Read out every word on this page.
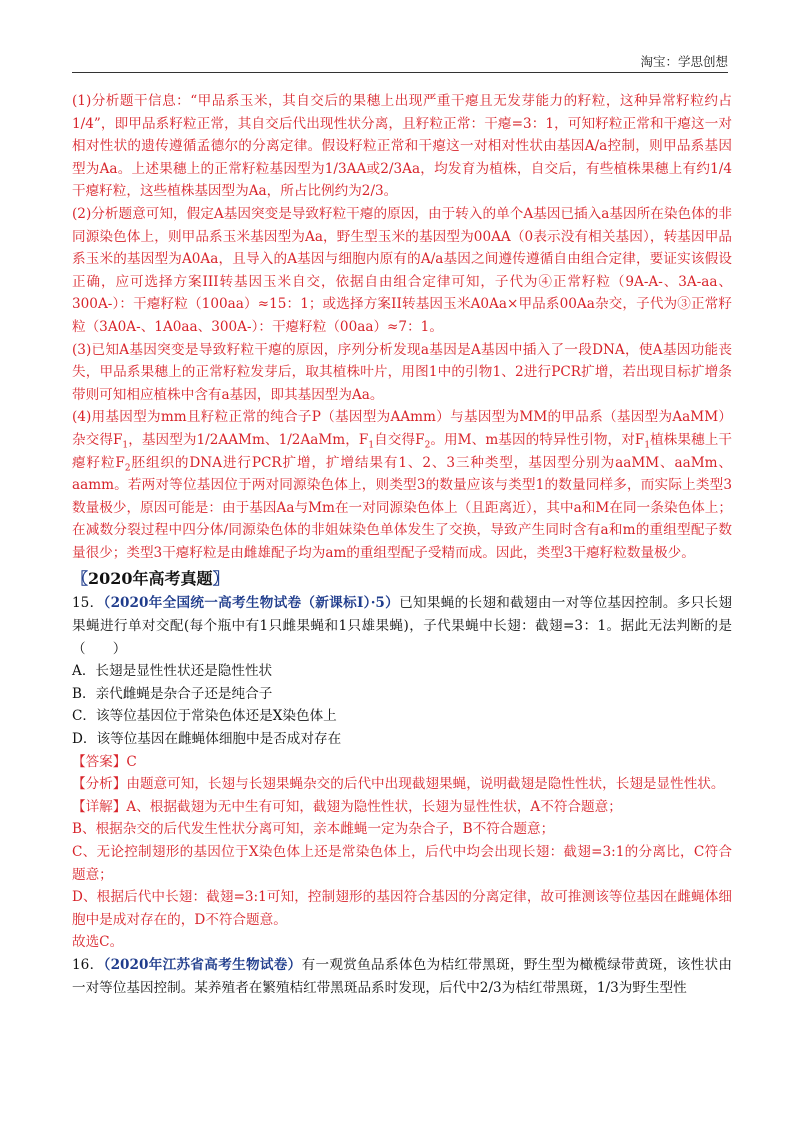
淘宝：学思创想

(1)分析题干信息：“甲品系玉米，其自交后的果穗上出现严重干瘪且无发芽能力的籽粒，这种异常籽粒约占1/4”，即甲品系籽粒正常，其自交后代出现性状分离，且籽粒正常：干瘪=3：1，可知籽粒正常和干瘪这一对相对性状的遗传遵循孟德尔的分离定律。假设籽粒正常和干瘪这一对相对性状由基因A/a控制，则甲品系基因型为Aa。上述果穗上的正常籽粒基因型为1/3AA或2/3Aa，均发育为植株，自交后，有些植株果穗上有约1/4干瘪籽粒，这些植株基因型为Aa，所占比例约为2/3。

(2)分析题意可知，假定A基因突变是导致籽粒干瘪的原因，由于转入的单个A基因已插入a基因所在染色体的非同源染色体上，则甲品系玉米基因型为Aa，野生型玉米的基因型为00AA（0表示没有相关基因），转基因甲品系玉米的基因型为A0Aa，且导入的A基因与细胞内原有的A/a基因之间遵传遵循自由组合定律，要证实该假设正确，应可选择方案III转基因玉米自交，依据自由组合定律可知，子代为④正常籽粒（9A-A-、3A-aa、300A-）：干瘪籽粒（100aa）≈15：1；或选择方案II转基因玉米A0Aa×甲品系00Aa杂交，子代为③正常籽粒（3A0A-、1A0aa、300A-）：干瘪籽粒（00aa）≈7：1。

(3)已知A基因突变是导致籽粒干瘪的原因，序列分析发现a基因是A基因中插入了一段DNA，使A基因功能丧失，甲品系果穗上的正常籽粒发芽后，取其植株叶片，用图1中的引物1、2进行PCR扩增，若出现目标扩增条带则可知相应植株中含有a基因，即其基因型为Aa。

(4)用基因型为mm且籽粒正常的纯合子P（基因型为AAmm）与基因型为MM的甲品系（基因型为AaMM）杂交得$F_1$，基因型为1/2AAMm、1/2AaMm，$F_1$自交得$F_2$。用M、m基因的特异性引物，对$F_1$植株果穗上干瘪籽粒$F_2$胚组织的DNA进行PCR扩增，扩增结果有1、2、3三种类型，基因型分别为aaMM、aaMm、aamm。若两对等位基因位于两对同源染色体上，则类型3的数量应该与类型1的数量同样多，而实际上类型3数量极少，原因可能是：由于基因Aa与Mm在一对同源染色体上（且距离近），其中a和M在同一条染色体上；在减数分裂过程中四分体/同源染色体的非姐妹染色单体发生了交换，导致产生同时含有a和m的重组型配子数量很少；类型3干瘪籽粒是由雌雄配子均为am的重组型配子受精而成。因此，类型3干瘪籽粒数量极少。

〖2020年高考真题〗

15．（2020年全国统一高考生物试卷（新课标Ⅰ）·5）已知果蝇的长翅和截翅由一对等位基因控制。多只长翅果蝇进行单对交配(每个瓶中有1只雌果蝇和1只雄果蝇)，子代果蝇中长翅：截翅=3：1。据此无法判断的是（　　）

A．长翅是显性性状还是隐性性状

B．亲代雌蝇是杂合子还是纯合子

C．该等位基因位于常染色体还是X染色体上

D．该等位基因在雌蝇体细胞中是否成对存在

【答案】C

【分析】由题意可知，长翅与长翅果蝇杂交的后代中出现截翅果蝇，说明截翅是隐性性状，长翅是显性性状。

【详解】A、根据截翅为无中生有可知，截翅为隐性性状，长翅为显性性状，A不符合题意；

B、根据杂交的后代发生性状分离可知，亲本雌蝇一定为杂合子，B不符合题意；

C、无论控制翅形的基因位于X染色体上还是常染色体上，后代中均会出现长翅：截翅=3:1的分离比，C符合题意；

D、根据后代中长翅：截翅=3:1可知，控制翅形的基因符合基因的分离定律，故可推测该等位基因在雌蝇体细胞中是成对存在的，D不符合题意。

故选C。

16．（2020年江苏省高考生物试卷）有一观赏鱼品系体色为桔红带黑斑，野生型为橄榄绿带黄斑，该性状由一对等位基因控制。某养殖者在繁殖桔红带黑斑品系时发现，后代中2/3为桔红带黑斑，1/3为野生型性
